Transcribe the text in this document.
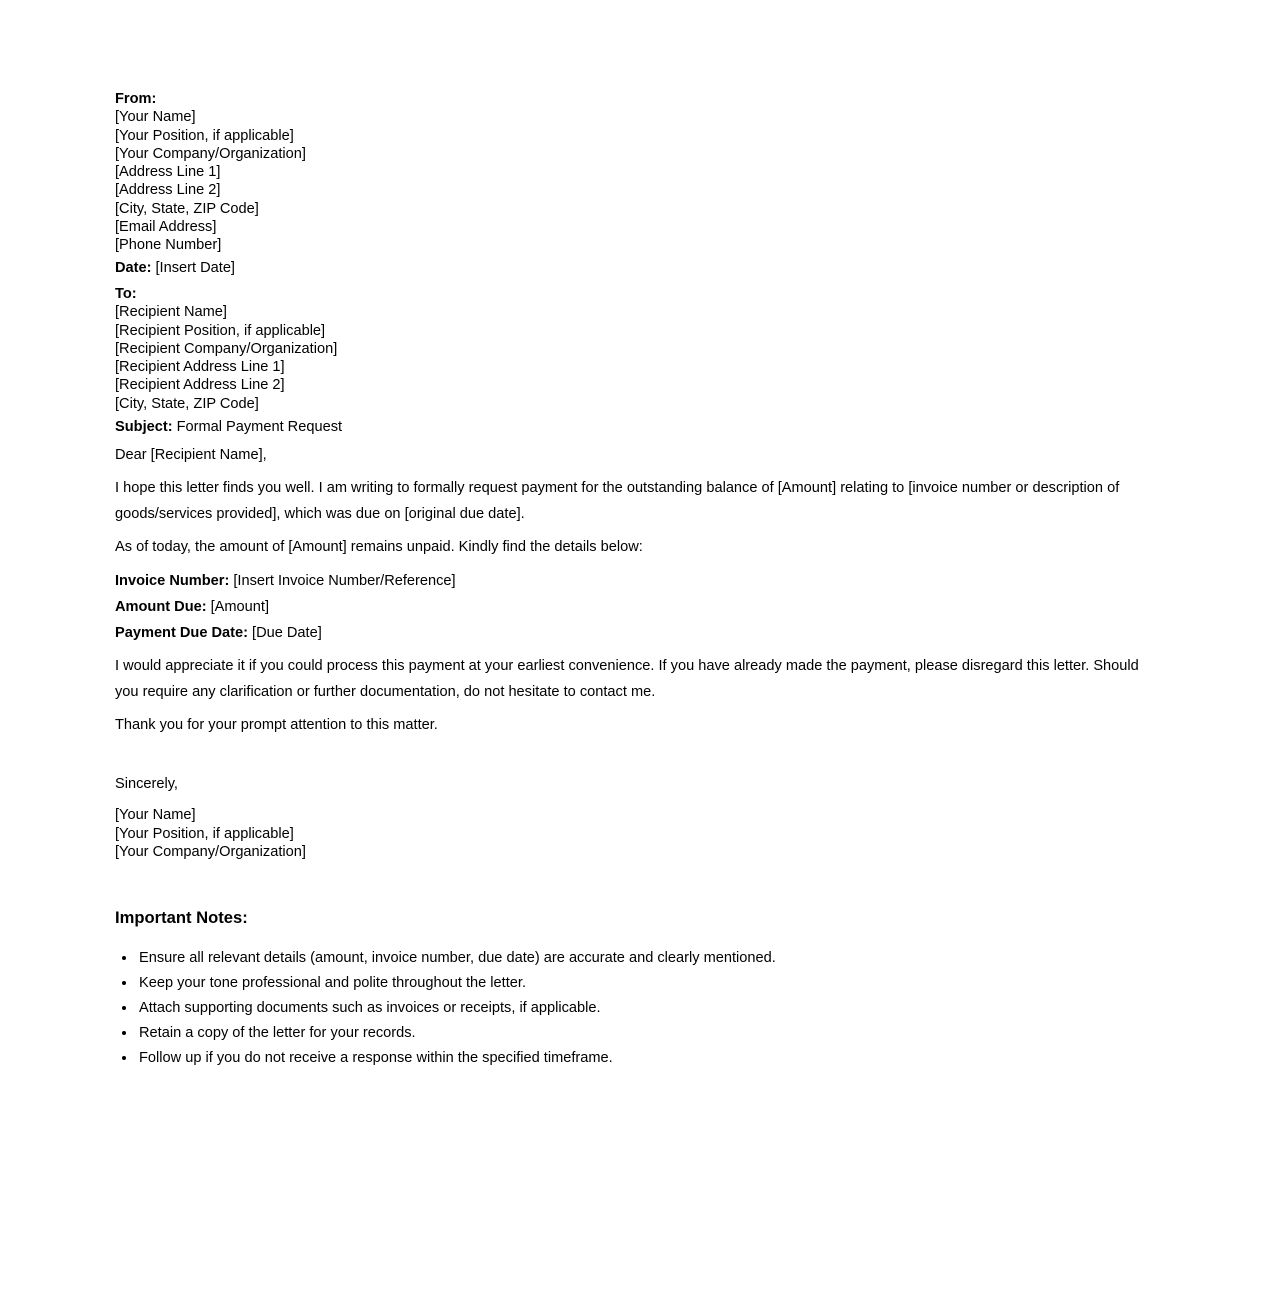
From:
[Your Name]
[Your Position, if applicable]
[Your Company/Organization]
[Address Line 1]
[Address Line 2]
[City, State, ZIP Code]
[Email Address]
[Phone Number]
Date: [Insert Date]
To:
[Recipient Name]
[Recipient Position, if applicable]
[Recipient Company/Organization]
[Recipient Address Line 1]
[Recipient Address Line 2]
[City, State, ZIP Code]
Subject: Formal Payment Request

Dear [Recipient Name],

I hope this letter finds you well. I am writing to formally request payment for the outstanding balance of [Amount] relating to [invoice number or description of goods/services provided], which was due on [original due date].

As of today, the amount of [Amount] remains unpaid. Kindly find the details below:

Invoice Number: [Insert Invoice Number/Reference]
Amount Due: [Amount]
Payment Due Date: [Due Date]

I would appreciate it if you could process this payment at your earliest convenience. If you have already made the payment, please disregard this letter. Should you require any clarification or further documentation, do not hesitate to contact me.

Thank you for your prompt attention to this matter.

Sincerely,

[Your Name]
[Your Position, if applicable]
[Your Company/Organization]
Important Notes:
• Ensure all relevant details (amount, invoice number, due date) are accurate and clearly mentioned.
• Keep your tone professional and polite throughout the letter.
• Attach supporting documents such as invoices or receipts, if applicable.
• Retain a copy of the letter for your records.
• Follow up if you do not receive a response within the specified timeframe.
